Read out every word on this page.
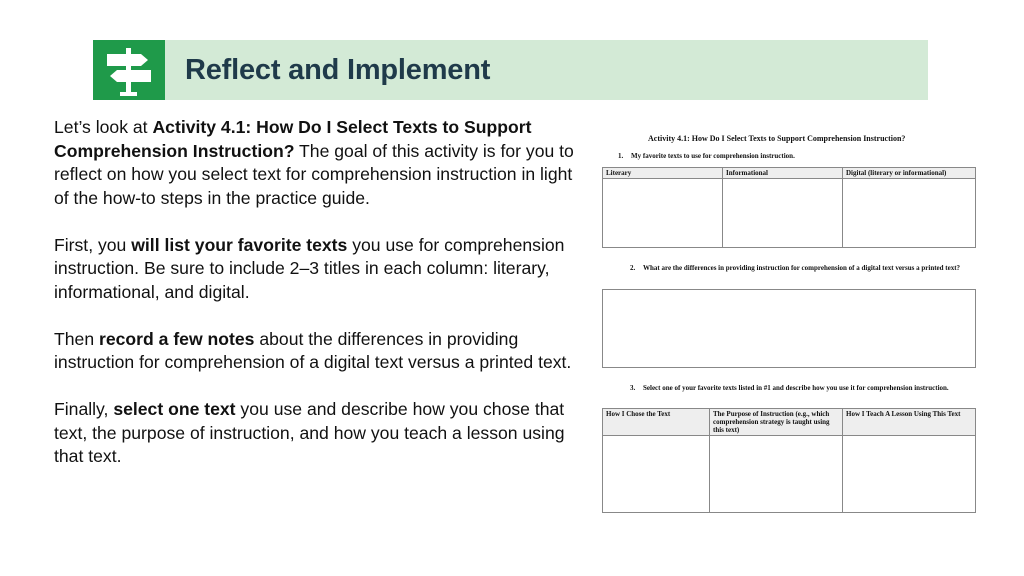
Reflect and Implement

Let’s look at Activity 4.1: How Do I Select Texts to Support Comprehension Instruction? The goal of this activity is for you to reflect on how you select text for comprehension instruction in light of the how-to steps in the practice guide.

First, you will list your favorite texts you use for comprehension instruction. Be sure to include 2–3 titles in each column: literary, informational, and digital.

Then record a few notes about the differences in providing instruction for comprehension of a digital text versus a printed text.

Finally, select one text you use and describe how you chose that text, the purpose of instruction, and how you teach a lesson using that text.

Activity 4.1: How Do I Select Texts to Support Comprehension Instruction?
1. My favorite texts to use for comprehension instruction.
Literary	Informational	Digital (literary or informational)

2. What are the differences in providing instruction for comprehension of a digital text versus a printed text?
3. Select one of your favorite texts listed in #1 and describe how you use it for comprehension instruction.
How I Chose the Text	The Purpose of Instruction (e.g., which comprehension strategy is taught using this text)	How I Teach A Lesson Using This Text
